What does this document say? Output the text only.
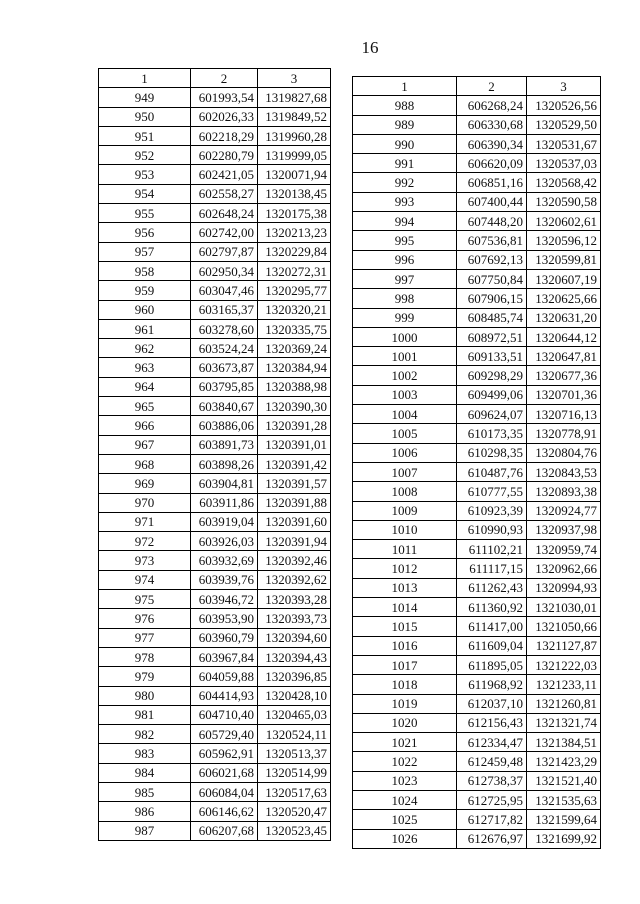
16
1	2	3
949	601993,54	1319827,68
950	602026,33	1319849,52
951	602218,29	1319960,28
952	602280,79	1319999,05
953	602421,05	1320071,94
954	602558,27	1320138,45
955	602648,24	1320175,38
956	602742,00	1320213,23
957	602797,87	1320229,84
958	602950,34	1320272,31
959	603047,46	1320295,77
960	603165,37	1320320,21
961	603278,60	1320335,75
962	603524,24	1320369,24
963	603673,87	1320384,94
964	603795,85	1320388,98
965	603840,67	1320390,30
966	603886,06	1320391,28
967	603891,73	1320391,01
968	603898,26	1320391,42
969	603904,81	1320391,57
970	603911,86	1320391,88
971	603919,04	1320391,60
972	603926,03	1320391,94
973	603932,69	1320392,46
974	603939,76	1320392,62
975	603946,72	1320393,28
976	603953,90	1320393,73
977	603960,79	1320394,60
978	603967,84	1320394,43
979	604059,88	1320396,85
980	604414,93	1320428,10
981	604710,40	1320465,03
982	605729,40	1320524,11
983	605962,91	1320513,37
984	606021,68	1320514,99
985	606084,04	1320517,63
986	606146,62	1320520,47
987	606207,68	1320523,45
1	2	3
988	606268,24	1320526,56
989	606330,68	1320529,50
990	606390,34	1320531,67
991	606620,09	1320537,03
992	606851,16	1320568,42
993	607400,44	1320590,58
994	607448,20	1320602,61
995	607536,81	1320596,12
996	607692,13	1320599,81
997	607750,84	1320607,19
998	607906,15	1320625,66
999	608485,74	1320631,20
1000	608972,51	1320644,12
1001	609133,51	1320647,81
1002	609298,29	1320677,36
1003	609499,06	1320701,36
1004	609624,07	1320716,13
1005	610173,35	1320778,91
1006	610298,35	1320804,76
1007	610487,76	1320843,53
1008	610777,55	1320893,38
1009	610923,39	1320924,77
1010	610990,93	1320937,98
1011	611102,21	1320959,74
1012	611117,15	1320962,66
1013	611262,43	1320994,93
1014	611360,92	1321030,01
1015	611417,00	1321050,66
1016	611609,04	1321127,87
1017	611895,05	1321222,03
1018	611968,92	1321233,11
1019	612037,10	1321260,81
1020	612156,43	1321321,74
1021	612334,47	1321384,51
1022	612459,48	1321423,29
1023	612738,37	1321521,40
1024	612725,95	1321535,63
1025	612717,82	1321599,64
1026	612676,97	1321699,92
